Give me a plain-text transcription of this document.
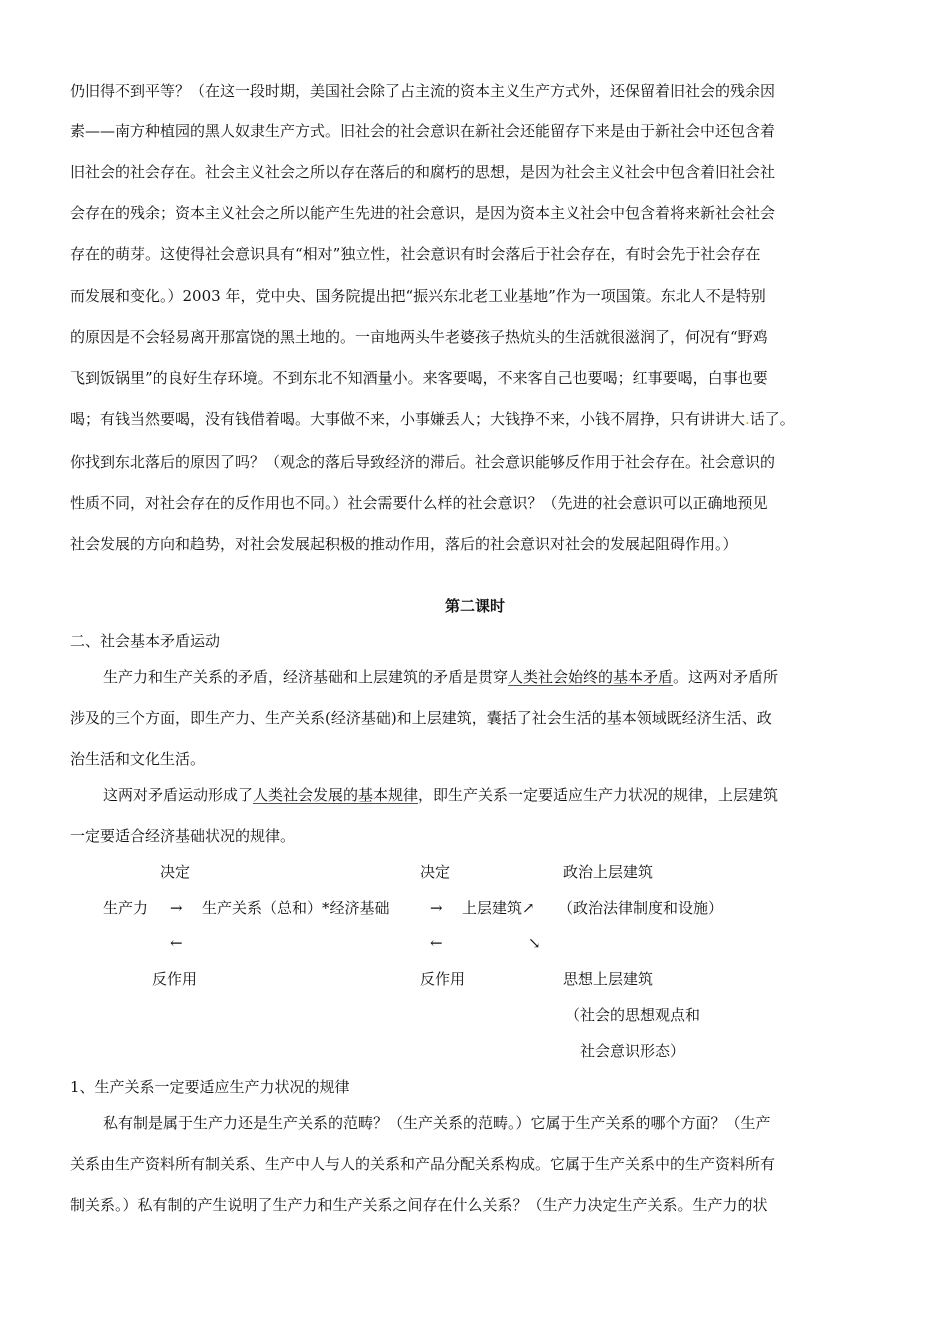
仍旧得不到平等？（在这一段时期，美国社会除了占主流的资本主义生产方式外，还保留着旧社会的残余因
素——南方种植园的黑人奴隶生产方式。旧社会的社会意识在新社会还能留存下来是由于新社会中还包含着
旧社会的社会存在。社会主义社会之所以存在落后的和腐朽的思想，是因为社会主义社会中包含着旧社会社
会存在的残余；资本主义社会之所以能产生先进的社会意识，是因为资本主义社会中包含着将来新社会社会
存在的萌芽。这使得社会意识具有“相对”独立性，社会意识有时会落后于社会存在，有时会先于社会存在
而发展和变化。）2003 年，党中央、国务院提出把“振兴东北老工业基地”作为一项国策。东北人不是特别
的原因是不会轻易离开那富饶的黑土地的。一亩地两头牛老婆孩子热炕头的生活就很滋润了，何况有“野鸡
飞到饭锅里”的良好生存环境。不到东北不知酒量小。来客要喝，不来客自己也要喝；红事要喝，白事也要
喝；有钱当然要喝，没有钱借着喝。大事做不来，小事嫌丢人；大钱挣不来，小钱不屑挣，只有讲讲大.话了。
你找到东北落后的原因了吗？（观念的落后导致经济的滞后。社会意识能够反作用于社会存在。社会意识的
性质不同，对社会存在的反作用也不同。）社会需要什么样的社会意识？（先进的社会意识可以正确地预见
社会发展的方向和趋势，对社会发展起积极的推动作用，落后的社会意识对社会的发展起阻碍作用。）
第二课时
二、社会基本矛盾运动
生产力和生产关系的矛盾，经济基础和上层建筑的矛盾是贯穿人类社会始终的基本矛盾。这两对矛盾所
涉及的三个方面，即生产力、生产关系(经济基础)和上层建筑，囊括了社会生活的基本领域既经济生活、政
治生活和文化生活。
这两对矛盾运动形成了人类社会发展的基本规律，即生产关系一定要适应生产力状况的规律，上层建筑
一定要适合经济基础状况的规律。
决定	决定	政治上层建筑
生产力 → 生产关系（总和）*经济基础	→ 上层建筑↗ （政治法律制度和设施）
←	←	↘
反作用	反作用	思想上层建筑
（社会的思想观点和
社会意识形态）
1、生产关系一定要适应生产力状况的规律
私有制是属于生产力还是生产关系的范畴？（生产关系的范畴。）它属于生产关系的哪个方面？（生产
关系由生产资料所有制关系、生产中人与人的关系和产品分配关系构成。它属于生产关系中的生产资料所有
制关系。）私有制的产生说明了生产力和生产关系之间存在什么关系？（生产力决定生产关系。生产力的状
